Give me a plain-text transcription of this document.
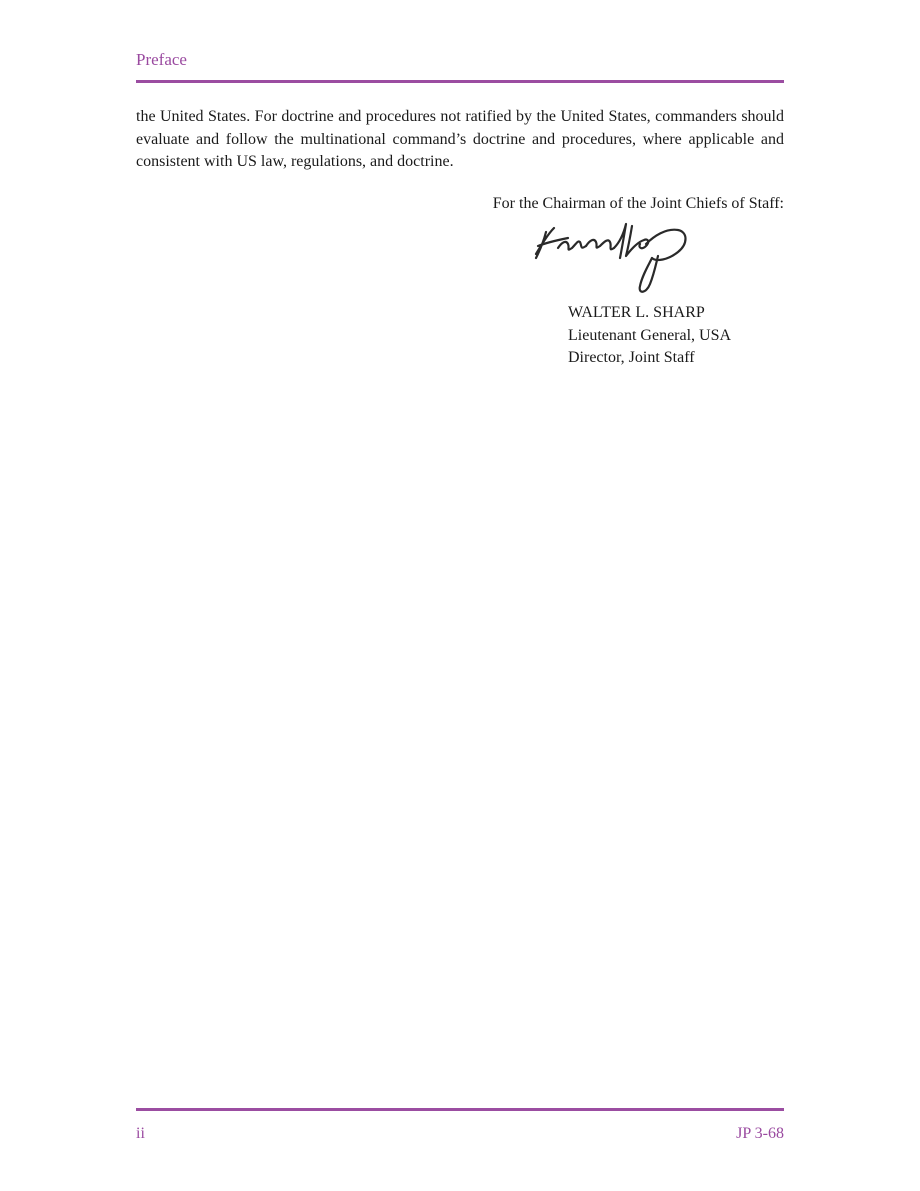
Preface

the United States. For doctrine and procedures not ratified by the United States, commanders should evaluate and follow the multinational command’s doctrine and procedures, where applicable and consistent with US law, regulations, and doctrine.

For the Chairman of the Joint Chiefs of Staff:
WALTER L. SHARP
Lieutenant General, USA
Director, Joint Staff
ii	JP 3-68
